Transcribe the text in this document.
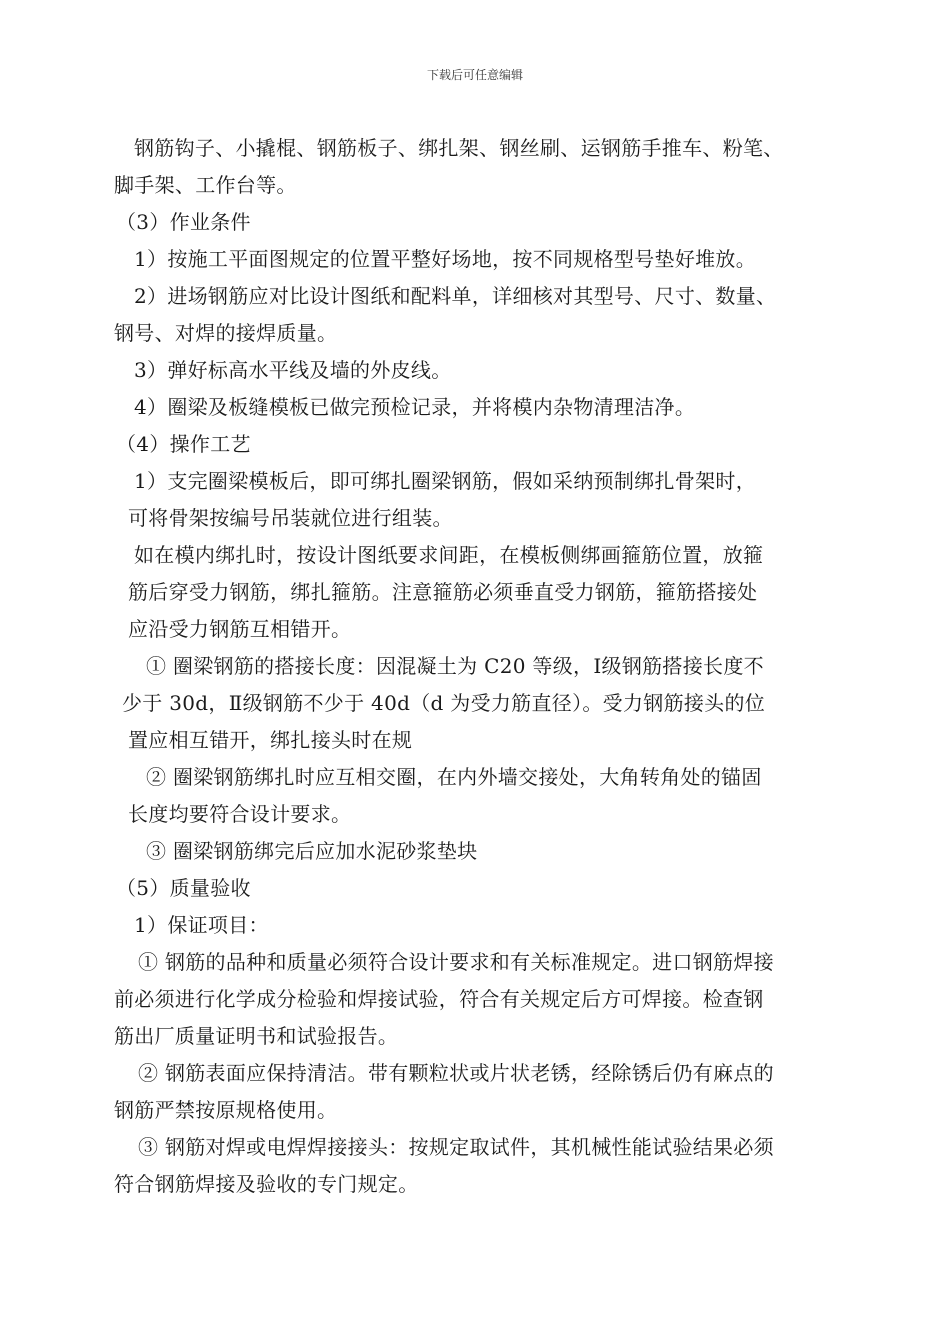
下载后可任意编辑
钢筋钩子、小撬棍、钢筋板子、绑扎架、钢丝刷、运钢筋手推车、粉笔、
脚手架、工作台等。
（3）作业条件
1）按施工平面图规定的位置平整好场地，按不同规格型号垫好堆放。
2）进场钢筋应对比设计图纸和配料单，详细核对其型号、尺寸、数量、
钢号、对焊的接焊质量。
3）弹好标高水平线及墙的外皮线。
4）圈梁及板缝模板已做完预检记录，并将模内杂物清理洁净。
（4）操作工艺
1）支完圈梁模板后，即可绑扎圈梁钢筋，假如采纳预制绑扎骨架时，
可将骨架按编号吊装就位进行组装。
如在模内绑扎时，按设计图纸要求间距，在模板侧绑画箍筋位置，放箍
筋后穿受力钢筋，绑扎箍筋。注意箍筋必须垂直受力钢筋，箍筋搭接处
应沿受力钢筋互相错开。
① 圈梁钢筋的搭接长度：因混凝土为 C20 等级，Ⅰ级钢筋搭接长度不
少于 30d，Ⅱ级钢筋不少于 40d（d 为受力筋直径）。受力钢筋接头的位
置应相互错开，绑扎接头时在规
② 圈梁钢筋绑扎时应互相交圈，在内外墙交接处，大角转角处的锚固
长度均要符合设计要求。
③ 圈梁钢筋绑完后应加水泥砂浆垫块
（5）质量验收
1）保证项目：
① 钢筋的品种和质量必须符合设计要求和有关标准规定。进口钢筋焊接
前必须进行化学成分检验和焊接试验，符合有关规定后方可焊接。检查钢
筋出厂质量证明书和试验报告。
② 钢筋表面应保持清洁。带有颗粒状或片状老锈，经除锈后仍有麻点的
钢筋严禁按原规格使用。
③ 钢筋对焊或电焊焊接接头：按规定取试件，其机械性能试验结果必须
符合钢筋焊接及验收的专门规定。
